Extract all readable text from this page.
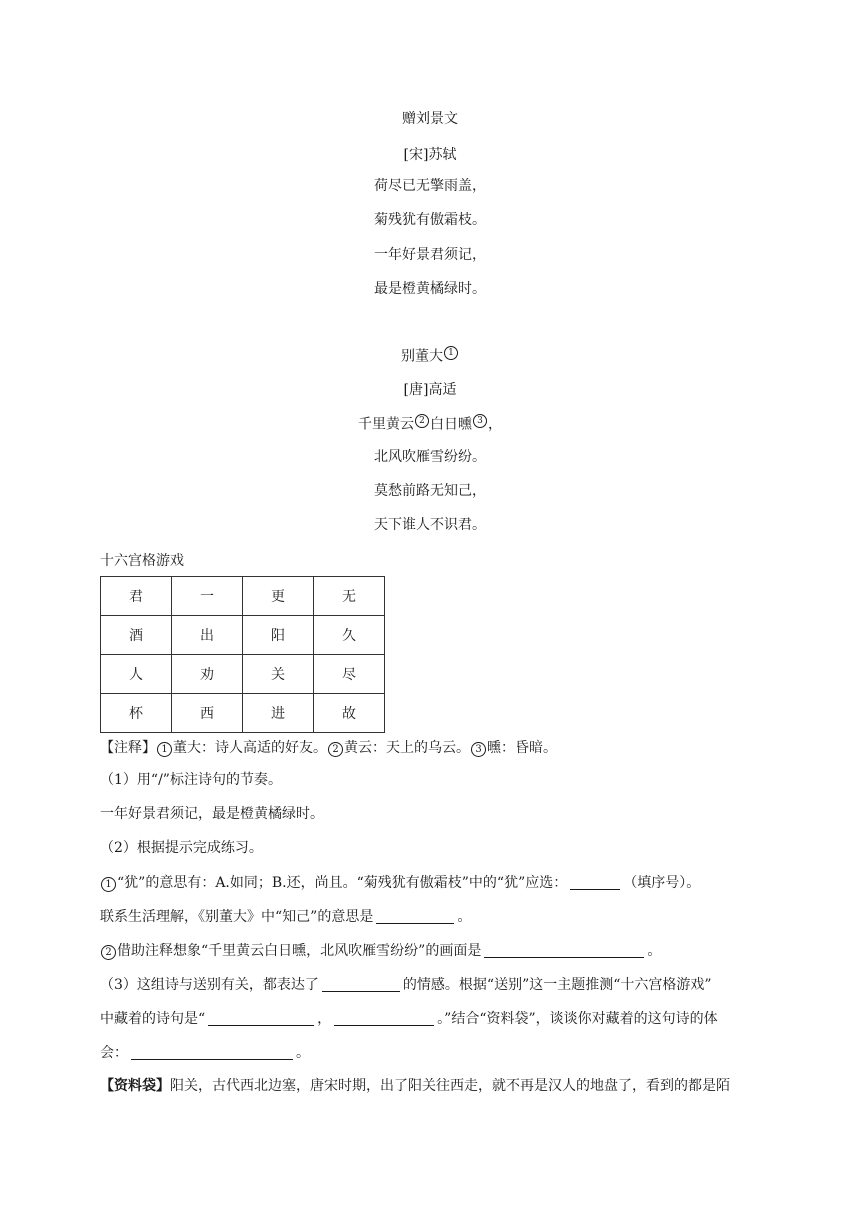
赠刘景文
[宋]苏轼
荷尽已无擎雨盖，
菊残犹有傲霜枝。
一年好景君须记，
最是橙黄橘绿时。
别董大 1
[唐]高适
千里黄云 2 白日曛 3 ，
北风吹雁雪纷纷。
莫愁前路无知己，
天下谁人不识君。
十六宫格游戏
君	一	更	无
酒	出	阳	久
人	劝	关	尽
杯	西	进	故
【注释】 1 董大：诗人高适的好友。 2 黄云：天上的乌云。 3 曛：昏暗。
（1）用“/”标注诗句的节奏。
一年好景君须记，最是橙黄橘绿时。
（2）根据提示完成练习。
1 “犹”的意思有：A.如同；B.还，尚且。“菊残犹有傲霜枝”中的“犹”应选：	（填序号）。
联系生活理解，《别董大》中“知己”的意思是	。
2 借助注释想象“千里黄云白日曛，北风吹雁雪纷纷”的画面是	。
（3）这组诗与送别有关，都表达了	的情感。根据“送别”这一主题推测“十六宫格游戏”
中藏着的诗句是“	，	。”结合“资料袋”，谈谈你对藏着的这句诗的体
会：	。
【资料袋】阳关，古代西北边塞，唐宋时期，出了阳关往西走，就不再是汉人的地盘了，看到的都是陌
